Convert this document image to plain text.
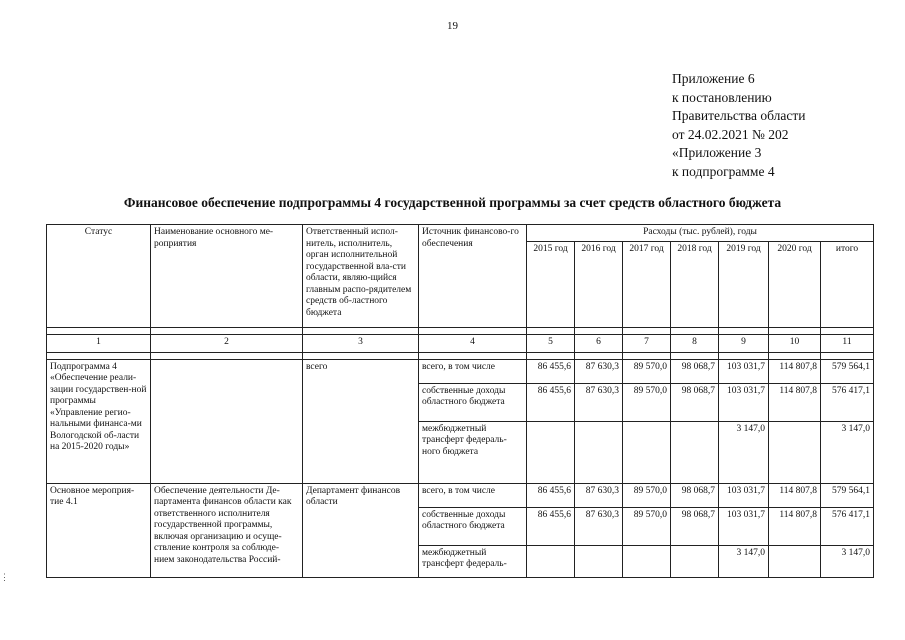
19
Приложение 6
к постановлению
Правительства области
от 24.02.2021 № 202
«Приложение 3
к подпрограмме 4
Финансовое обеспечение подпрограммы 4 государственной программы за счет средств областного бюджета
Статус	Наименование основного ме-роприятия	Ответственный испол-нитель, исполнитель, орган исполнительной государственной вла-сти области, являю-щийся главным распо-рядителем средств об-ластного бюджета	Источник финансово-го обеспечения	Расходы (тыс. рублей), годы						
				2015 год	2016 год	2017 год	2018 год	2019 год	2020 год	итого

1	2	3	4	5	6	7	8	9	10	11

Подпрограмма 4 «Обеспечение реали-зации государствен-ной программы «Управление регио-нальными финанса-ми Вологодской об-ласти на 2015-2020 годы»		всего	всего, в том числе	86 455,6	87 630,3	89 570,0	98 068,7	103 031,7	114 807,8	579 564,1
			собственные доходы областного бюджета	86 455,6	87 630,3	89 570,0	98 068,7	103 031,7	114 807,8	576 417,1
			межбюджетный трансферт федераль-ного бюджета					3 147,0		3 147,0
Основное мероприя-тие 4.1	Обеспечение деятельности Де-партамента финансов области как ответственного исполнителя государственной программы, включая организацию и осуще-ствление контроля за соблюде-нием законодательства Россий-	Департамент финансов области	всего, в том числе	86 455,6	87 630,3	89 570,0	98 068,7	103 031,7	114 807,8	579 564,1
			собственные доходы областного бюджета	86 455,6	87 630,3	89 570,0	98 068,7	103 031,7	114 807,8	576 417,1
			межбюджетный трансферт федераль-					3 147,0		3 147,0
⋮
